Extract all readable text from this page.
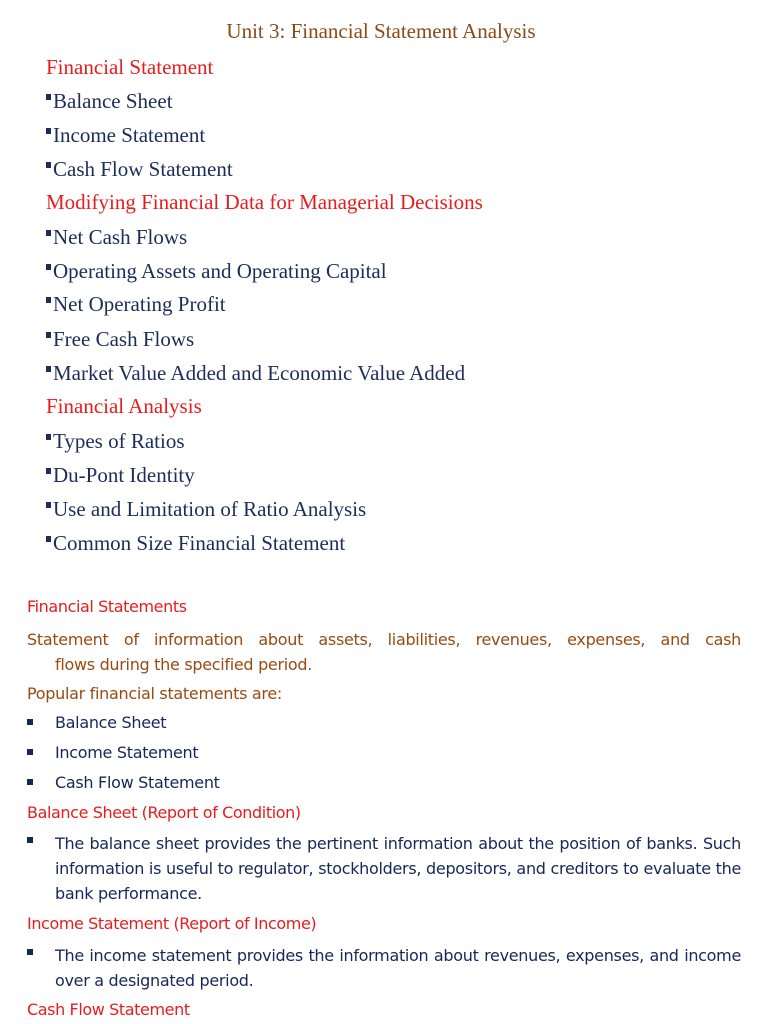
Unit 3: Financial Statement Analysis
Financial Statement
Balance Sheet
Income Statement
Cash Flow Statement
Modifying Financial Data for Managerial Decisions
Net Cash Flows
Operating Assets and Operating Capital
Net Operating Profit
Free Cash Flows
Market Value Added and Economic Value Added
Financial Analysis
Types of Ratios
Du-Pont Identity
Use and Limitation of Ratio Analysis
Common Size Financial Statement
Financial Statements
Statement of information about assets, liabilities, revenues, expenses, and cash
flows during the specified period.
Popular financial statements are:
Balance Sheet
Income Statement
Cash Flow Statement
Balance Sheet (Report of Condition)
The balance sheet provides the pertinent information about the position of banks. Such information is useful to regulator, stockholders, depositors, and creditors to evaluate the bank performance.
Income Statement (Report of Income)
The income statement provides the information about revenues, expenses, and income over a designated period.
Cash Flow Statement
